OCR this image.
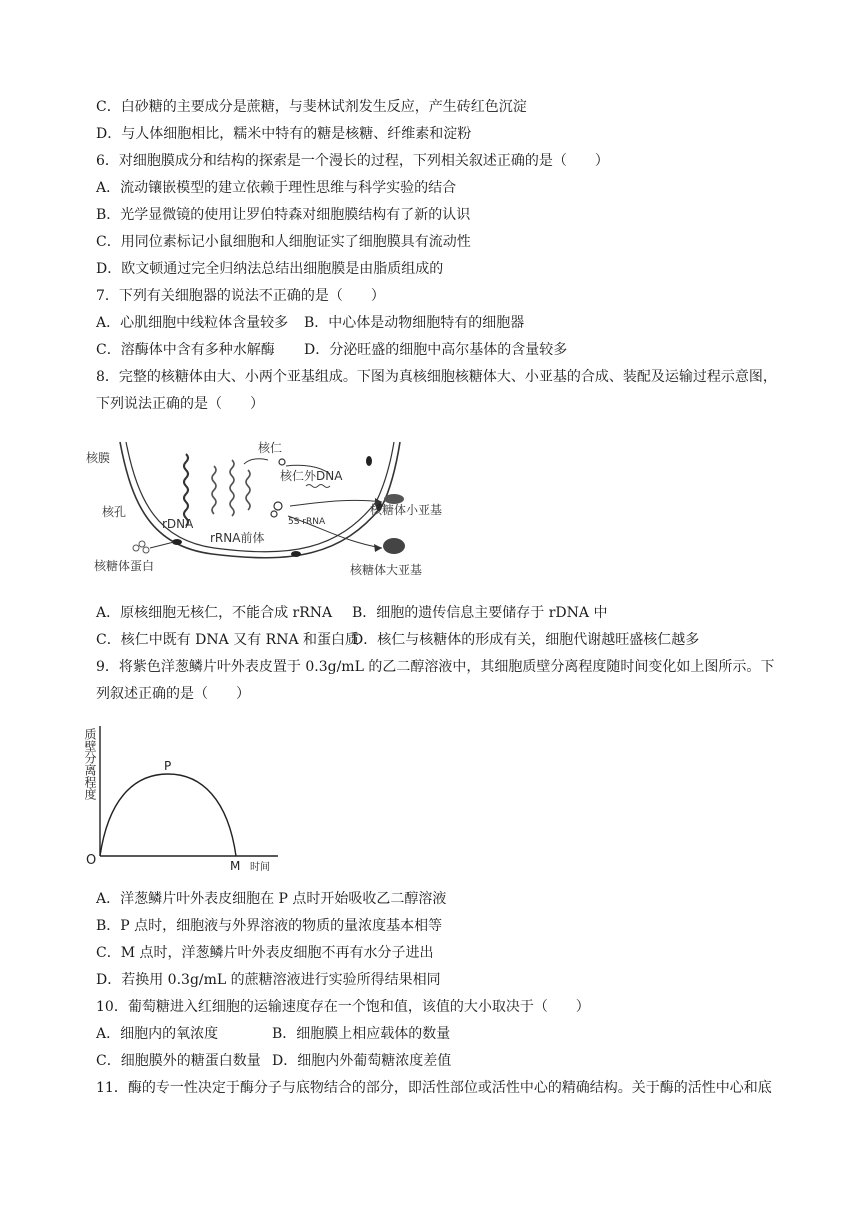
C．白砂糖的主要成分是蔗糖，与斐林试剂发生反应，产生砖红色沉淀
D．与人体细胞相比，糯米中特有的糖是核糖、纤维素和淀粉
6．对细胞膜成分和结构的探索是一个漫长的过程，下列相关叙述正确的是（　　）
A．流动镶嵌模型的建立依赖于理性思维与科学实验的结合
B．光学显微镜的使用让罗伯特森对细胞膜结构有了新的认识
C．用同位素标记小鼠细胞和人细胞证实了细胞膜具有流动性
D．欧文顿通过完全归纳法总结出细胞膜是由脂质组成的
7．下列有关细胞器的说法不正确的是（　　）
A．心肌细胞中线粒体含量较多 B．中心体是动物细胞特有的细胞器
C．溶酶体中含有多种水解酶 D．分泌旺盛的细胞中高尔基体的含量较多
8．完整的核糖体由大、小两个亚基组成。下图为真核细胞核糖体大、小亚基的合成、装配及运输过程示意图，
下列说法正确的是（　　）
核膜
核孔
核仁
核仁外DNA
rDNA	5S rRNA
rRNA前体
核糖体蛋白
核糖体小亚基
核糖体大亚基
A．原核细胞无核仁，不能合成 rRNA B．细胞的遗传信息主要储存于 rDNA 中
C．核仁中既有 DNA 又有 RNA 和蛋白质
D．核仁与核糖体的形成有关，细胞代谢越旺盛核仁越多
9．将紫色洋葱鳞片叶外表皮置于 0.3g/mL 的乙二醇溶液中，其细胞质壁分离程度随时间变化如上图所示。下
列叙述正确的是（　　）
质壁分离程度
O
P
M 时间
A．洋葱鳞片叶外表皮细胞在 P 点时开始吸收乙二醇溶液
B．P 点时，细胞液与外界溶液的物质的量浓度基本相等
C．M 点时，洋葱鳞片叶外表皮细胞不再有水分子进出
D．若换用 0.3g/mL 的蔗糖溶液进行实验所得结果相同
10．葡萄糖进入红细胞的运输速度存在一个饱和值，该值的大小取决于（　　）
A．细胞内的氧浓度	B．细胞膜上相应载体的数量
C．细胞膜外的糖蛋白数量 D．细胞内外葡萄糖浓度差值
11．酶的专一性决定于酶分子与底物结合的部分，即活性部位或活性中心的精确结构。关于酶的活性中心和底
